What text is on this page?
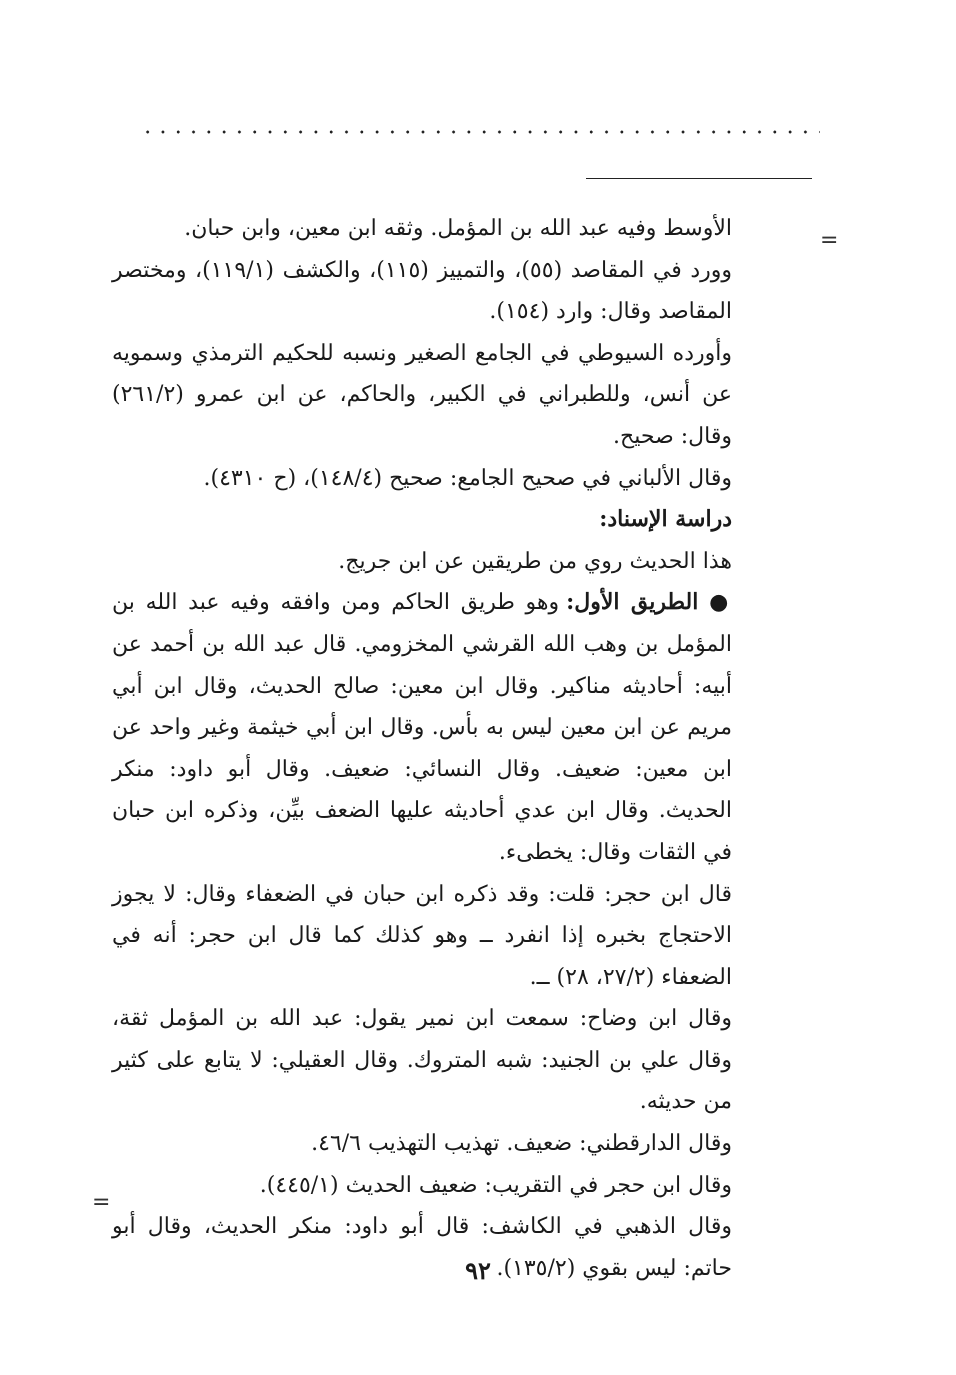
=
=

الأوسط وفيه عبد الله بن المؤمل. وثقه ابن معين، وابن حبان.

وورد في المقاصد (٥٥)، والتمييز (١١٥)، والكشف (١١٩/١)، ومختصر المقاصد وقال: وارد (١٥٤).

وأورده السيوطي في الجامع الصغير ونسبه للحكيم الترمذي وسمويه عن أنس، وللطبراني في الكبير، والحاكم، عن ابن عمرو (٢٦١/٢) وقال: صحيح.

وقال الألباني في صحيح الجامع: صحيح (١٤٨/٤)، (ح ٤٣١٠).

دراسة الإسناد:

هذا الحديث روي من طريقين عن ابن جريج.

● الطريق الأول: وهو طريق الحاكم ومن وافقه وفيه عبد الله بن المؤمل بن وهب الله القرشي المخزومي. قال عبد الله بن أحمد عن أبيه: أحاديثه مناكير. وقال ابن معين: صالح الحديث، وقال ابن أبي مريم عن ابن معين ليس به بأس. وقال ابن أبي خيثمة وغير واحد عن ابن معين: ضعيف. وقال النسائي: ضعيف. وقال أبو داود: منكر الحديث. وقال ابن عدي أحاديثه عليها الضعف بيِّن، وذكره ابن حبان في الثقات وقال: يخطىء.

قال ابن حجر: قلت: وقد ذكره ابن حبان في الضعفاء وقال: لا يجوز الاحتجاج بخبره إذا انفرد ــ وهو كذلك كما قال ابن حجر: أنه في الضعفاء (٢٧/٢، ٢٨) ــ.

وقال ابن وضاح: سمعت ابن نمير يقول: عبد الله بن المؤمل ثقة، وقال علي بن الجنيد: شبه المتروك. وقال العقيلي: لا يتابع على كثير من حديثه.

وقال الدارقطني: ضعيف. تهذيب التهذيب ٤٦/٦.

وقال ابن حجر في التقريب: ضعيف الحديث (٤٤٥/١).

وقال الذهبي في الكاشف: قال أبو داود: منكر الحديث، وقال أبو حاتم: ليس بقوي (١٣٥/٢).

٩٢
